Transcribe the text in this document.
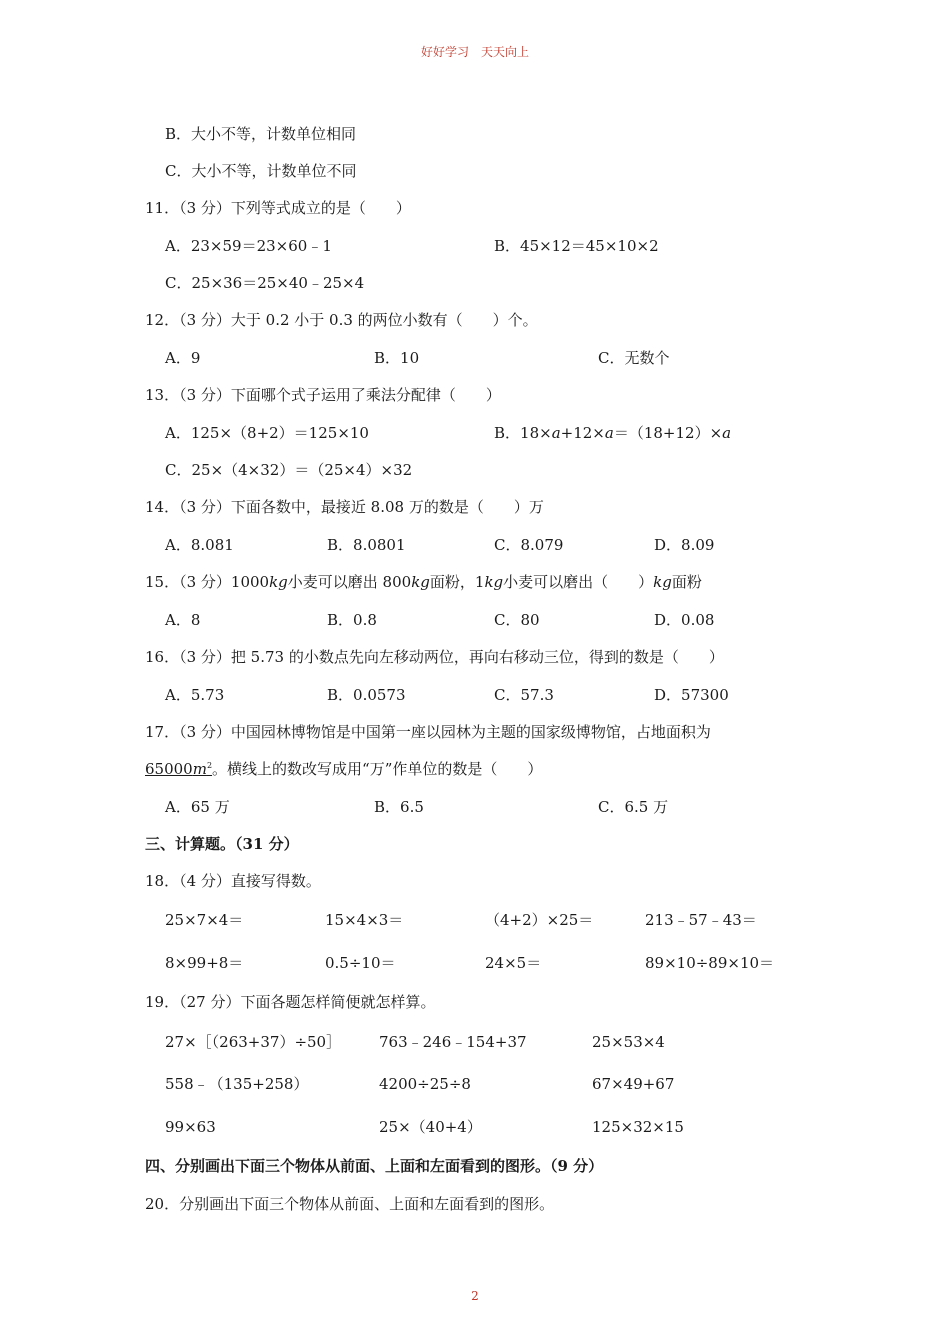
好好学习　天天向上
B．大小不等，计数单位相同
C．大小不等，计数单位不同
11．（3 分）下列等式成立的是（　　）
A．23×59＝23×60﹣1	B．45×12＝45×10×2
C．25×36＝25×40﹣25×4
12．（3 分）大于 0.2 小于 0.3 的两位小数有（　　）个。
A．9	B．10	C．无数个
13．（3 分）下面哪个式子运用了乘法分配律（　　）
A．125×（8+2）＝125×10	B．18×a+12×a＝（18+12）×a
C．25×（4×32）＝（25×4）×32
14．（3 分）下面各数中，最接近 8.08 万的数是（　　）万
A．8.081	B．8.0801	C．8.079	D．8.09
15．（3 分）1000kg小麦可以磨出 800kg面粉，1kg小麦可以磨出（　　）kg面粉
A．8	B．0.8	C．80	D．0.08
16．（3 分）把 5.73 的小数点先向左移动两位，再向右移动三位，得到的数是（　　）
A．5.73	B．0.0573	C．57.3	D．57300
17．（3 分）中国园林博物馆是中国第一座以园林为主题的国家级博物馆，占地面积为
$65000m^2$。横线上的数改写成用“万”作单位的数是（　　）
A．65 万	B．6.5	C．6.5 万
三、计算题。（31 分）
18．（4 分）直接写得数。
25×7×4＝	15×4×3＝	（4+2）×25＝	213﹣57﹣43＝
8×99+8＝	0.5÷10＝	24×5＝	89×10÷89×10＝
19．（27 分）下面各题怎样简便就怎样算。
27×［（263+37）÷50］	763﹣246﹣154+37	25×53×4
558﹣（135+258）	4200÷25÷8	67×49+67
99×63	25×（40+4）	125×32×15
四、分别画出下面三个物体从前面、上面和左面看到的图形。（9 分）
20．分别画出下面三个物体从前面、上面和左面看到的图形。
2
